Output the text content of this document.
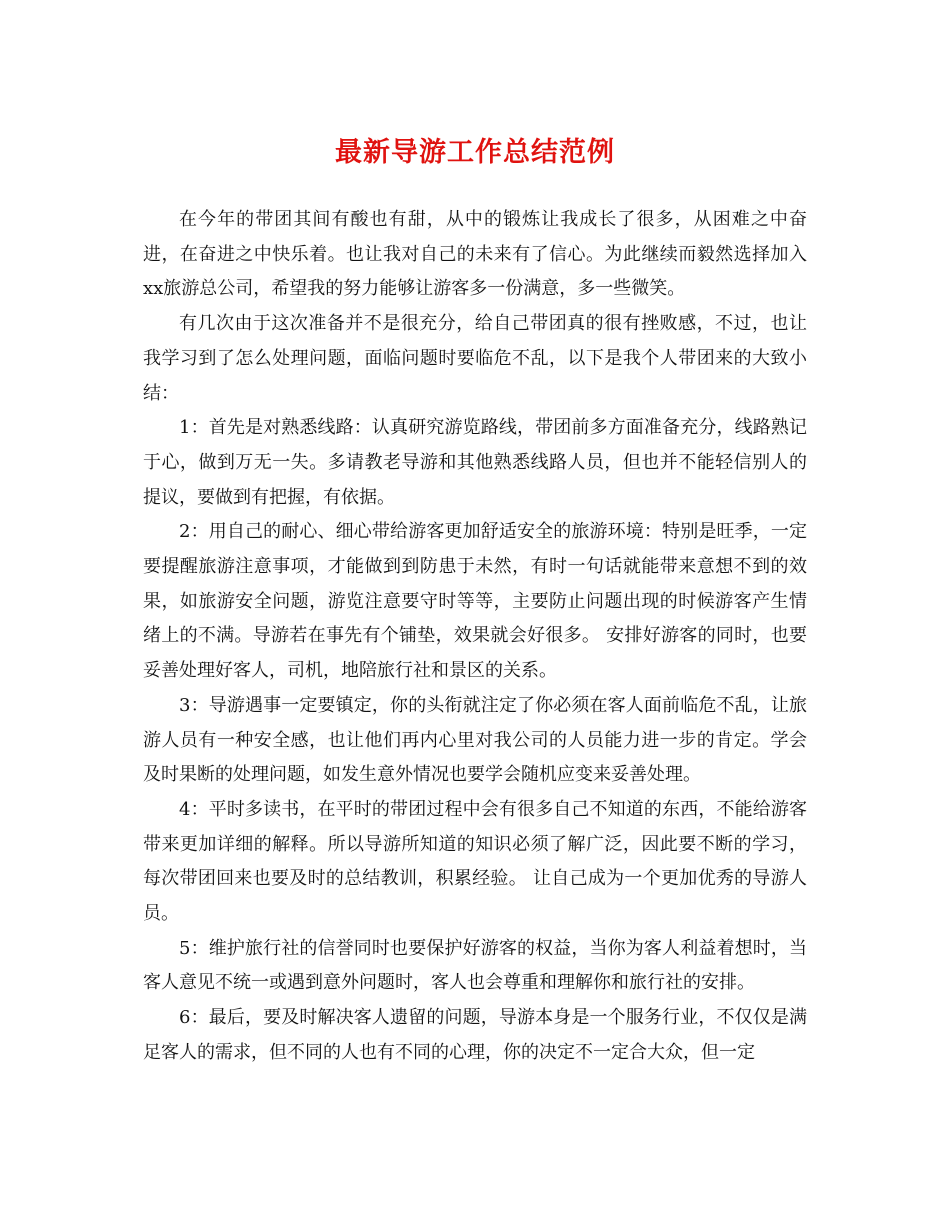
最新导游工作总结范例

在今年的带团其间有酸也有甜，从中的锻炼让我成长了很多，从困难之中奋进，在奋进之中快乐着。也让我对自己的未来有了信心。为此继续而毅然选择加入xx旅游总公司，希望我的努力能够让游客多一份满意，多一些微笑。

有几次由于这次准备并不是很充分，给自己带团真的很有挫败感，不过，也让我学习到了怎么处理问题，面临问题时要临危不乱，以下是我个人带团来的大致小结：

1：首先是对熟悉线路：认真研究游览路线，带团前多方面准备充分，线路熟记于心，做到万无一失。多请教老导游和其他熟悉线路人员，但也并不能轻信别人的提议，要做到有把握，有依据。

2：用自己的耐心、细心带给游客更加舒适安全的旅游环境：特别是旺季，一定要提醒旅游注意事项，才能做到到防患于未然，有时一句话就能带来意想不到的效果，如旅游安全问题，游览注意要守时等等，主要防止问题出现的时候游客产生情绪上的不满。导游若在事先有个铺垫，效果就会好很多。 安排好游客的同时，也要妥善处理好客人，司机，地陪旅行社和景区的关系。

3：导游遇事一定要镇定，你的头衔就注定了你必须在客人面前临危不乱，让旅游人员有一种安全感，也让他们再内心里对我公司的人员能力进一步的肯定。学会及时果断的处理问题，如发生意外情况也要学会随机应变来妥善处理。

4：平时多读书，在平时的带团过程中会有很多自己不知道的东西，不能给游客带来更加详细的解释。所以导游所知道的知识必须了解广泛，因此要不断的学习，每次带团回来也要及时的总结教训，积累经验。 让自己成为一个更加优秀的导游人员。

5：维护旅行社的信誉同时也要保护好游客的权益，当你为客人利益着想时，当客人意见不统一或遇到意外问题时，客人也会尊重和理解你和旅行社的安排。

6：最后，要及时解决客人遗留的问题，导游本身是一个服务行业，不仅仅是满足客人的需求，但不同的人也有不同的心理，你的决定不一定合大众，但一定
